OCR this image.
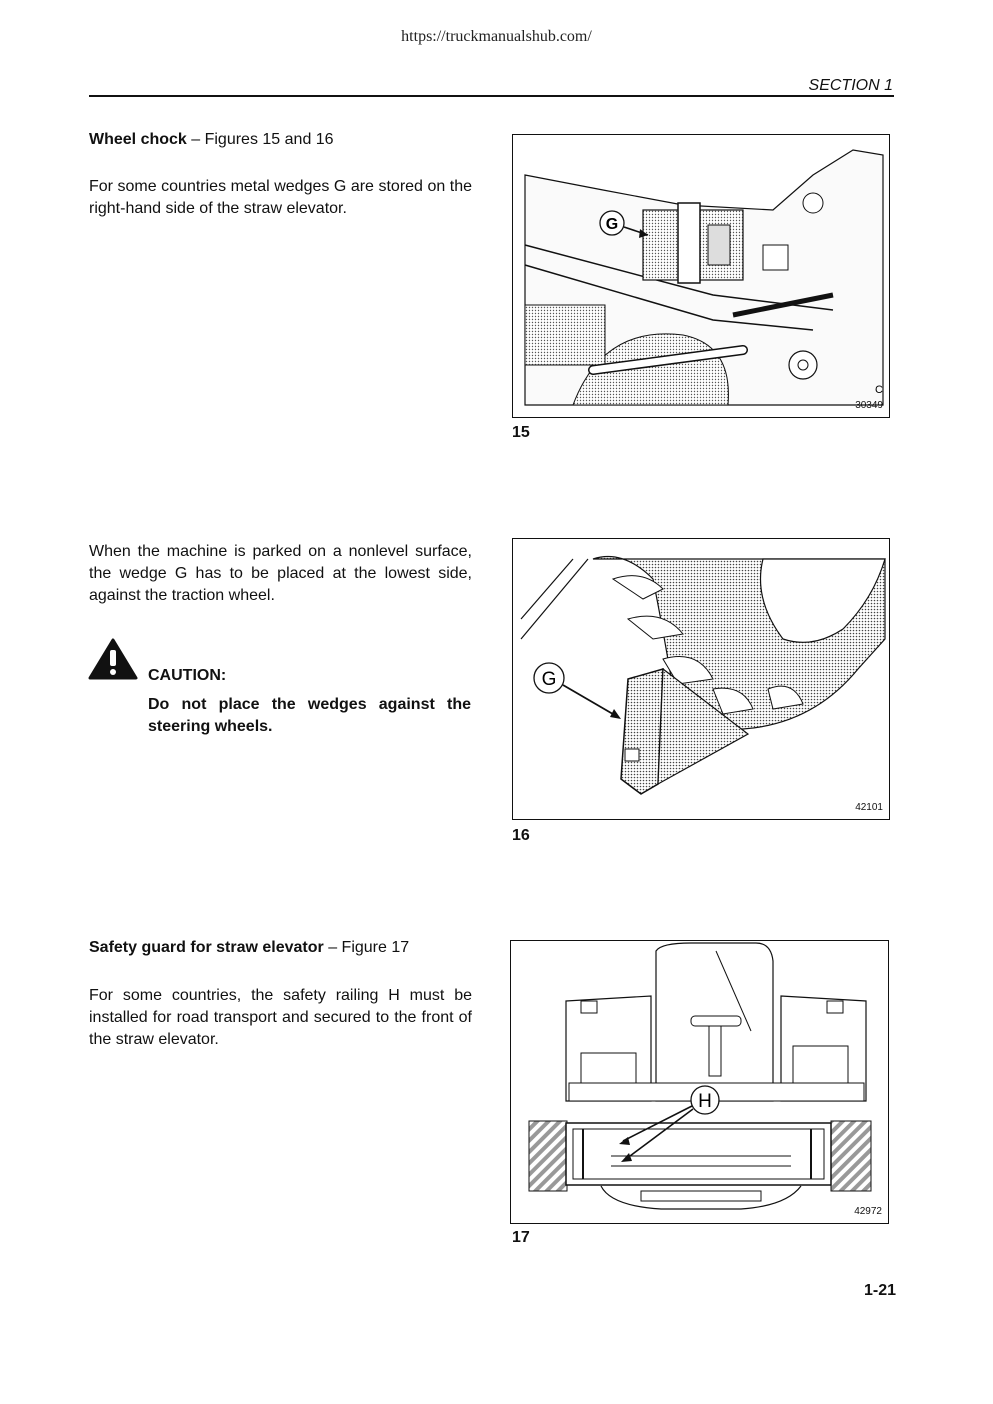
https://truckmanualshub.com/
SECTION 1
Wheel chock – Figures 15 and 16
For some countries metal wedges G are stored on the right-hand side of the straw elevator.
G
C
30349
15
When the machine is parked on a nonlevel surface, the wedge G has to be placed at the lowest side, against the traction wheel.
CAUTION:
Do not place the wedges against the steering wheels.
G
42101
16
Safety guard for straw elevator – Figure 17
For some countries, the safety railing H must be installed for road transport and secured to the front of the straw elevator.
H
42972
17
1-21
